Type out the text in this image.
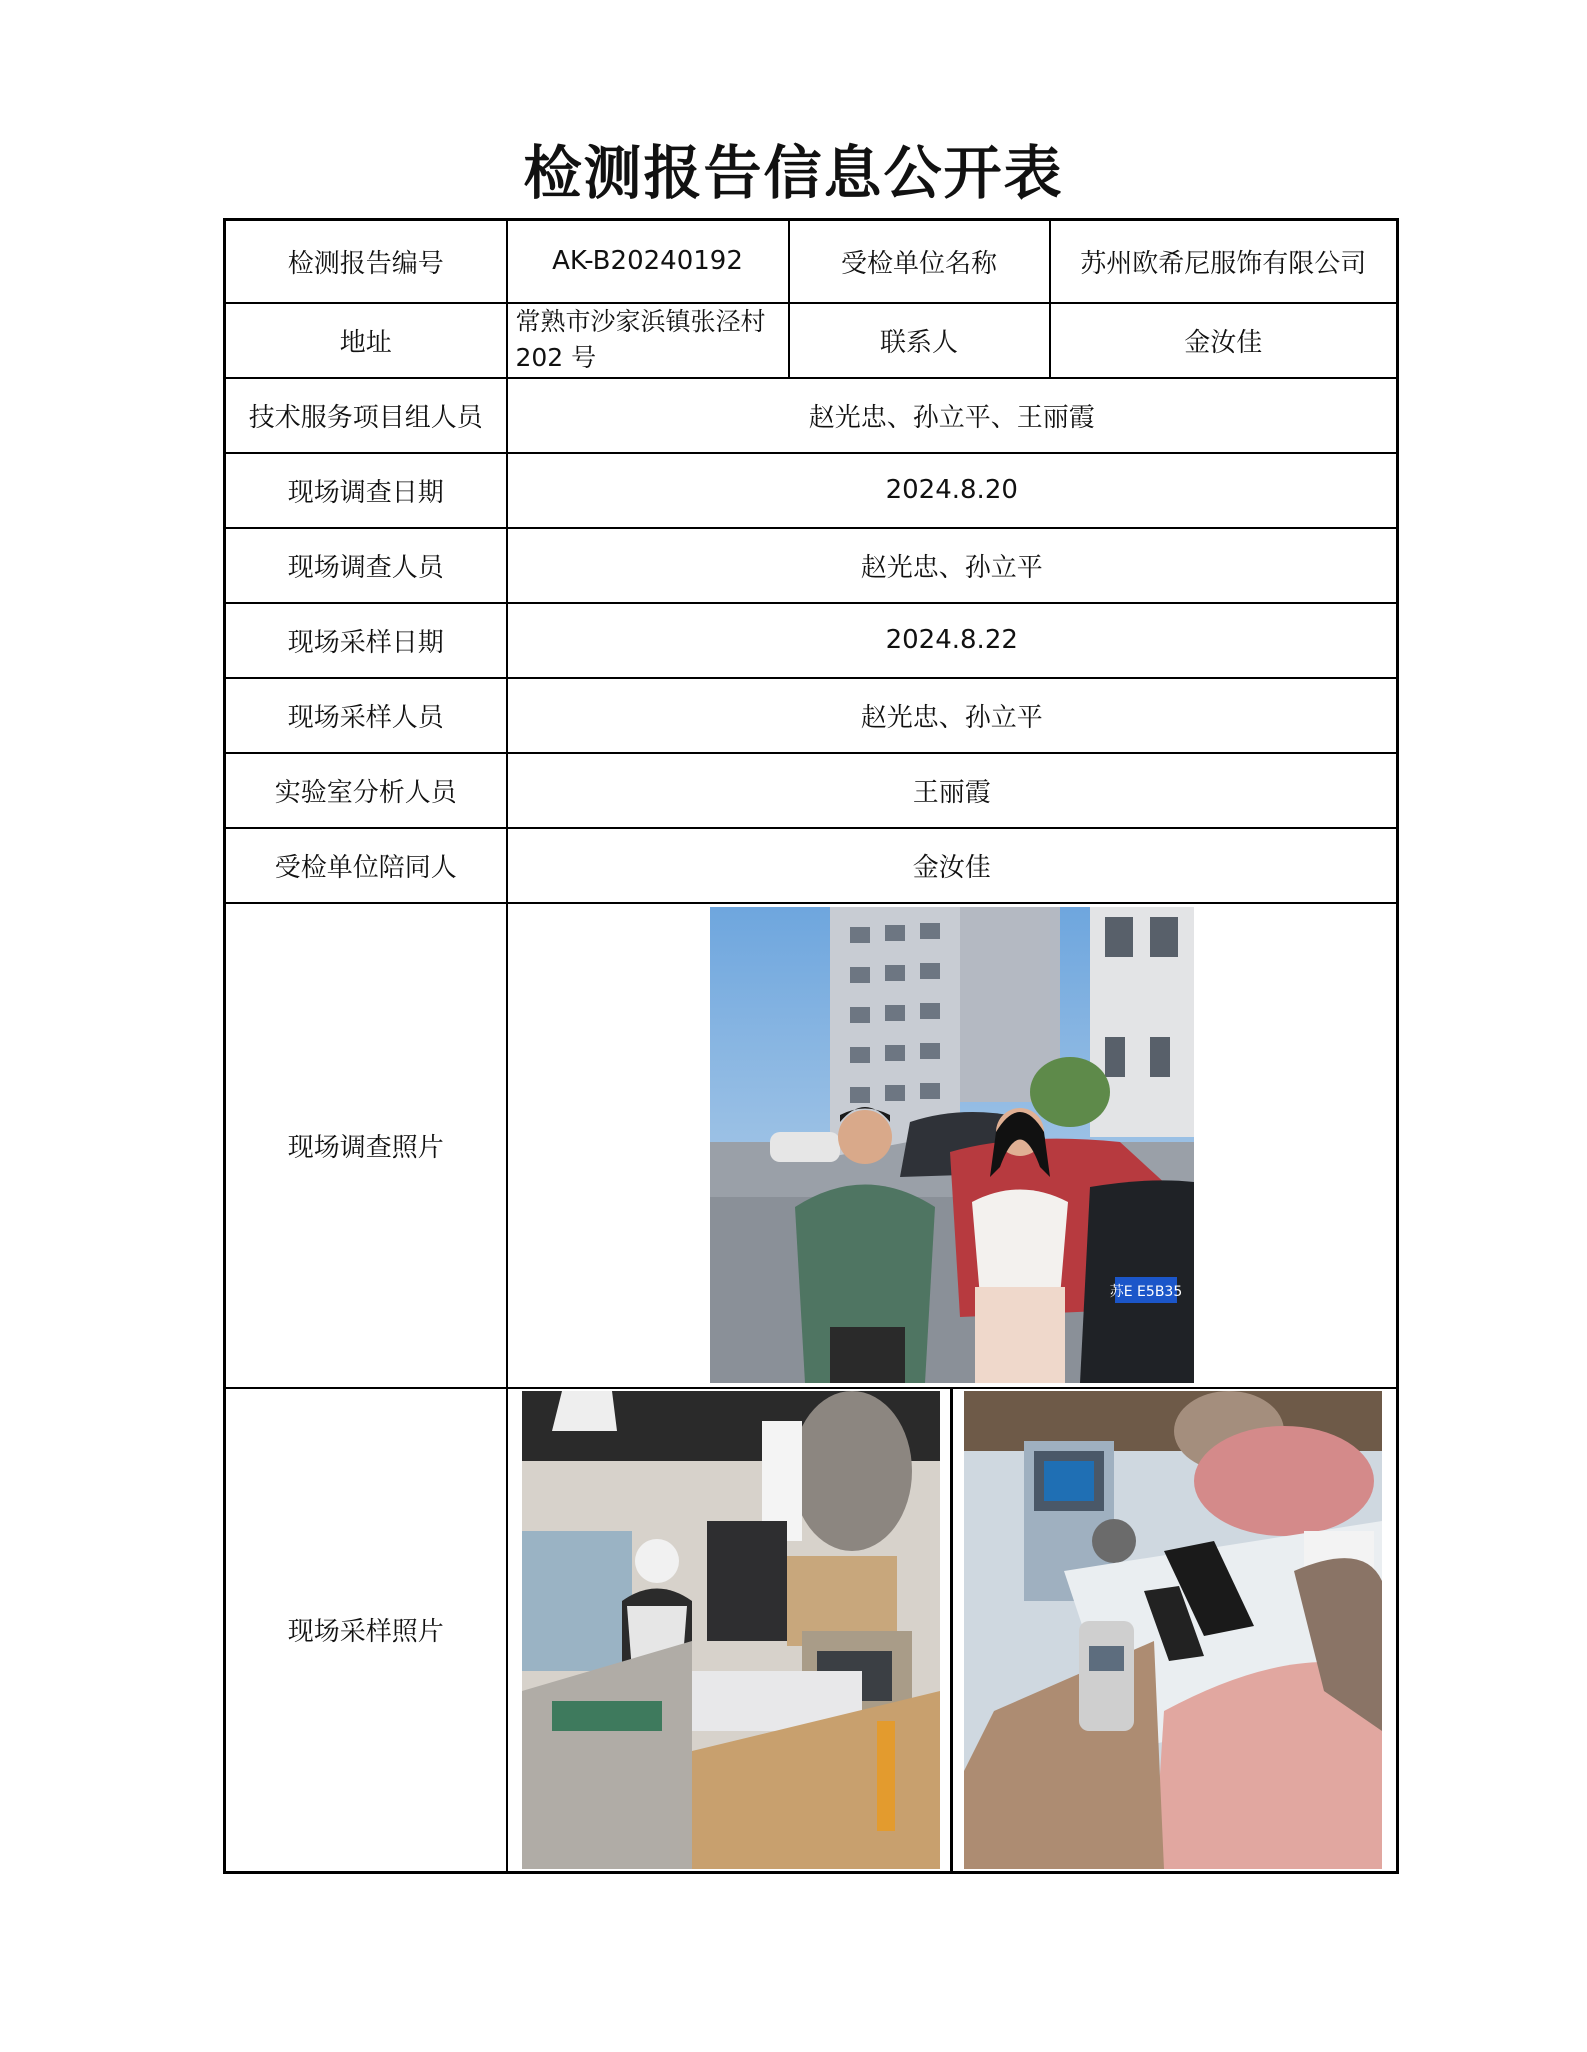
检测报告信息公开表
检测报告编号	AK-B20240192	受检单位名称	苏州欧希尼服饰有限公司
地址	常熟市沙家浜镇张泾村 202 号	联系人	金汝佳
技术服务项目组人员	赵光忠、孙立平、王丽霞		
现场调查日期	2024.8.20		
现场调查人员	赵光忠、孙立平		
现场采样日期	2024.8.22		
现场采样人员	赵光忠、孙立平		
实验室分析人员	王丽霞		
受检单位陪同人	金汝佳		
现场调查照片	苏E E5B35		

现场采样照片	
